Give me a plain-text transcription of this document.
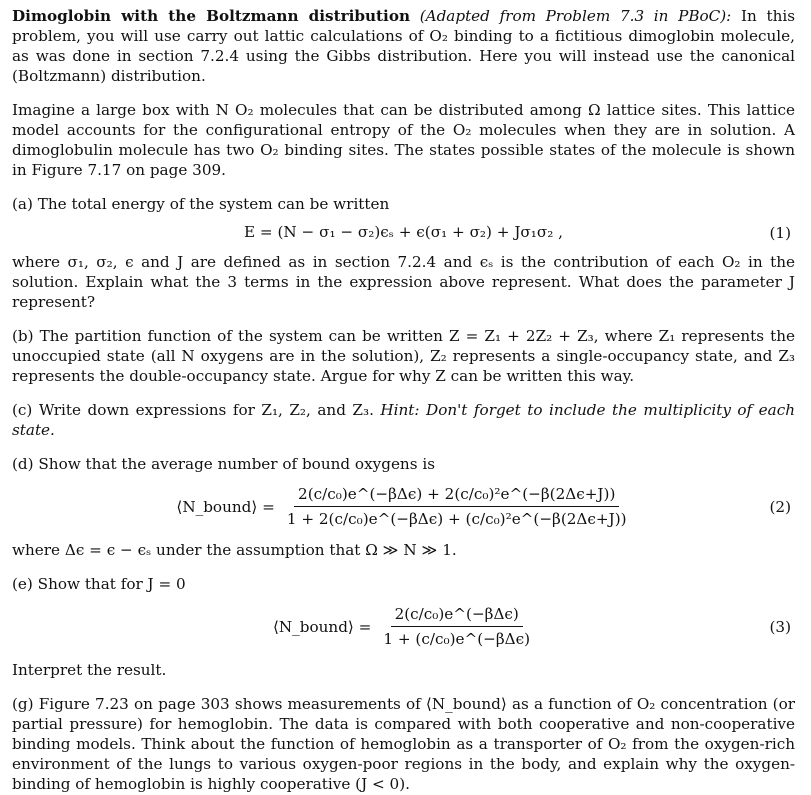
Dimoglobin with the Boltzmann distribution (Adapted from Problem 7.3 in PBoC): In this problem, you will use carry out lattic calculations of O₂ binding to a fictitious dimoglobin molecule, as was done in section 7.2.4 using the Gibbs distribution. Here you will instead use the canonical (Boltzmann) distribution.

Imagine a large box with N O₂ molecules that can be distributed among Ω lattice sites. This lattice model accounts for the configurational entropy of the O₂ molecules when they are in solution. A dimoglobulin molecule has two O₂ binding sites. The states possible states of the molecule is shown in Figure 7.17 on page 309.

(a) The total energy of the system can be written

E = (N − σ₁ − σ₂)ϵₛ + ϵ(σ₁ + σ₂) + Jσ₁σ₂ ,	(1)

where σ₁, σ₂, ϵ and J are defined as in section 7.2.4 and ϵₛ is the contribution of each O₂ in the solution. Explain what the 3 terms in the expression above represent. What does the parameter J represent?

(b) The partition function of the system can be written Z = Z₁ + 2Z₂ + Z₃, where Z₁ represents the unoccupied state (all N oxygens are in the solution), Z₂ represents a single-occupancy state, and Z₃ represents the double-occupancy state. Argue for why Z can be written this way.

(c) Write down expressions for Z₁, Z₂, and Z₃. Hint: Don't forget to include the multiplicity of each state.

(d) Show that the average number of bound oxygens is

⟨N_bound⟩ = $\frac{\text{2(c/c₀)e\textasciicircum{}(−βΔϵ) + 2(c/c₀)²e\textasciicircum{}(−β(2Δϵ+J))}}{\text{1 + 2(c/c₀)e\textasciicircum{}(−βΔϵ) + (c/c₀)²e\textasciicircum{}(−β(2Δϵ+J))}}$	(2)

where Δϵ = ϵ − ϵₛ under the assumption that Ω ≫ N ≫ 1.

(e) Show that for J = 0

⟨N_bound⟩ = $\frac{\text{2(c/c₀)e\textasciicircum{}(−βΔϵ)}}{\text{1 + (c/c₀)e\textasciicircum{}(−βΔϵ)}}$	(3)

Interpret the result.

(g) Figure 7.23 on page 303 shows measurements of ⟨N_bound⟩ as a function of O₂ concentration (or partial pressure) for hemoglobin. The data is compared with both cooperative and non-cooperative binding models. Think about the function of hemoglobin as a transporter of O₂ from the oxygen-rich environment of the lungs to various oxygen-poor regions in the body, and explain why the oxygen-binding of hemoglobin is highly cooperative (J < 0).
